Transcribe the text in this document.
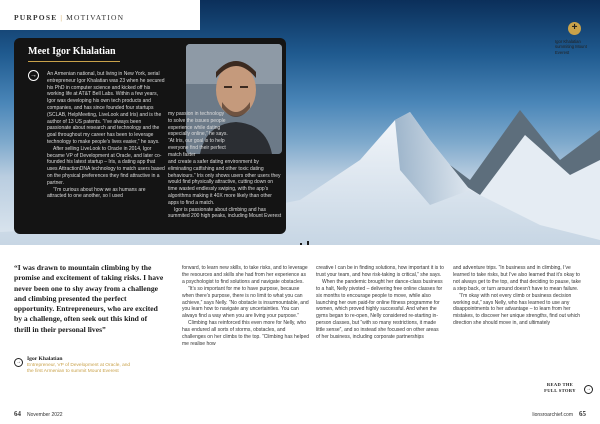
PURPOSE | MOTIVATION
+
Igor Khalatian summiting Mount Everest
Meet Igor Khalatian
→	An Armenian national, but living in New York, serial entrepreneur Igor Khalatian was 23 when he secured his PhD in computer science and kicked off his working life at AT&T Bell Labs. Within a few years, Igor was developing his own tech products and companies, and has since founded four startups (SCLAB, HelpMeeting, LiveLook and Iris) and is the author of 13 US patents. “I’ve always been passionate about research and technology and the goal throughout my career has been to leverage technology to make people’s lives easier,” he says.

After selling LiveLook to Oracle in 2014, Igor became VP of Development at Oracle, and later co-founded his latest startup – Iris, a dating app that uses AttractionDNA technology to match users based on the physical preferences they find attractive in a partner.

“I’m curious about how we as humans are attracted to one another, so I used

my passion in technology to solve the issues people experience while dating especially online,” he says. “At Iris, our goal is to help everyone find their perfect match faster

and create a safer dating environment by eliminating catfishing and other toxic dating behaviours.” Iris only shows users other users they would find physically attractive, cutting down on time wasted endlessly swiping, with the app’s algorithms making it 40X more likely than other apps to find a match.

Igor is passionate about climbing and has summited 200 high peaks, including Mount Everest

“I was drawn to mountain climbing by the promise and excitement of taking risks. I have never been one to shy away from a challenge and climbing presented the perfect opportunity. Entrepreneurs, who are excited by a challenge, often seek out this kind of thrill in their personal lives”
→	Igor Khalatian
Entrepreneur, VP of Development at Oracle, and the first Armenian to summit Mount Everest

forward, to learn new skills, to take risks, and to leverage the resources and skills she had from her experience as a psychologist to find solutions and navigate obstacles.

“It’s so important for me to have purpose, because when there’s purpose, there is no limit to what you can achieve,” says Nelly. “No obstacle is insurmountable, and you learn how to navigate any uncertainties. You can always find a way when you are living your purpose.”

Climbing has reinforced this even more for Nelly, who has endured all sorts of storms, obstacles, and challenges on her climbs to the top. “Climbing has helped me realise how

creative I can be in finding solutions, how important it is to trust your team, and how risk-taking is critical,” she says.

When the pandemic brought her dance-class business to a halt, Nelly pivoted – delivering free online classes for six months to encourage people to move, while also launching her own paid-for online fitness programme for women, which proved highly successful. And when the gyms began to re-open, Nelly considered re-starting in-person classes, but “with so many restrictions, it made little sense”, and so instead she focused on other areas of her business, including corporate partnerships

and adventure trips. “In business and in climbing, I’ve learned to take risks, but I’ve also learned that it’s okay to not always get to the top, and that deciding to pause, take a step back, or turn around doesn’t have to mean failure.

“I’m okay with not every climb or business decision working out,” says Nelly, who has learned to use any disappointments to her advantage – to learn from her mistakes, to discover her unique strengths, find out which direction she should move in, and ultimately

READ THE
FULL STORY	→
64 November 2022	lionsroarchief.com 65
